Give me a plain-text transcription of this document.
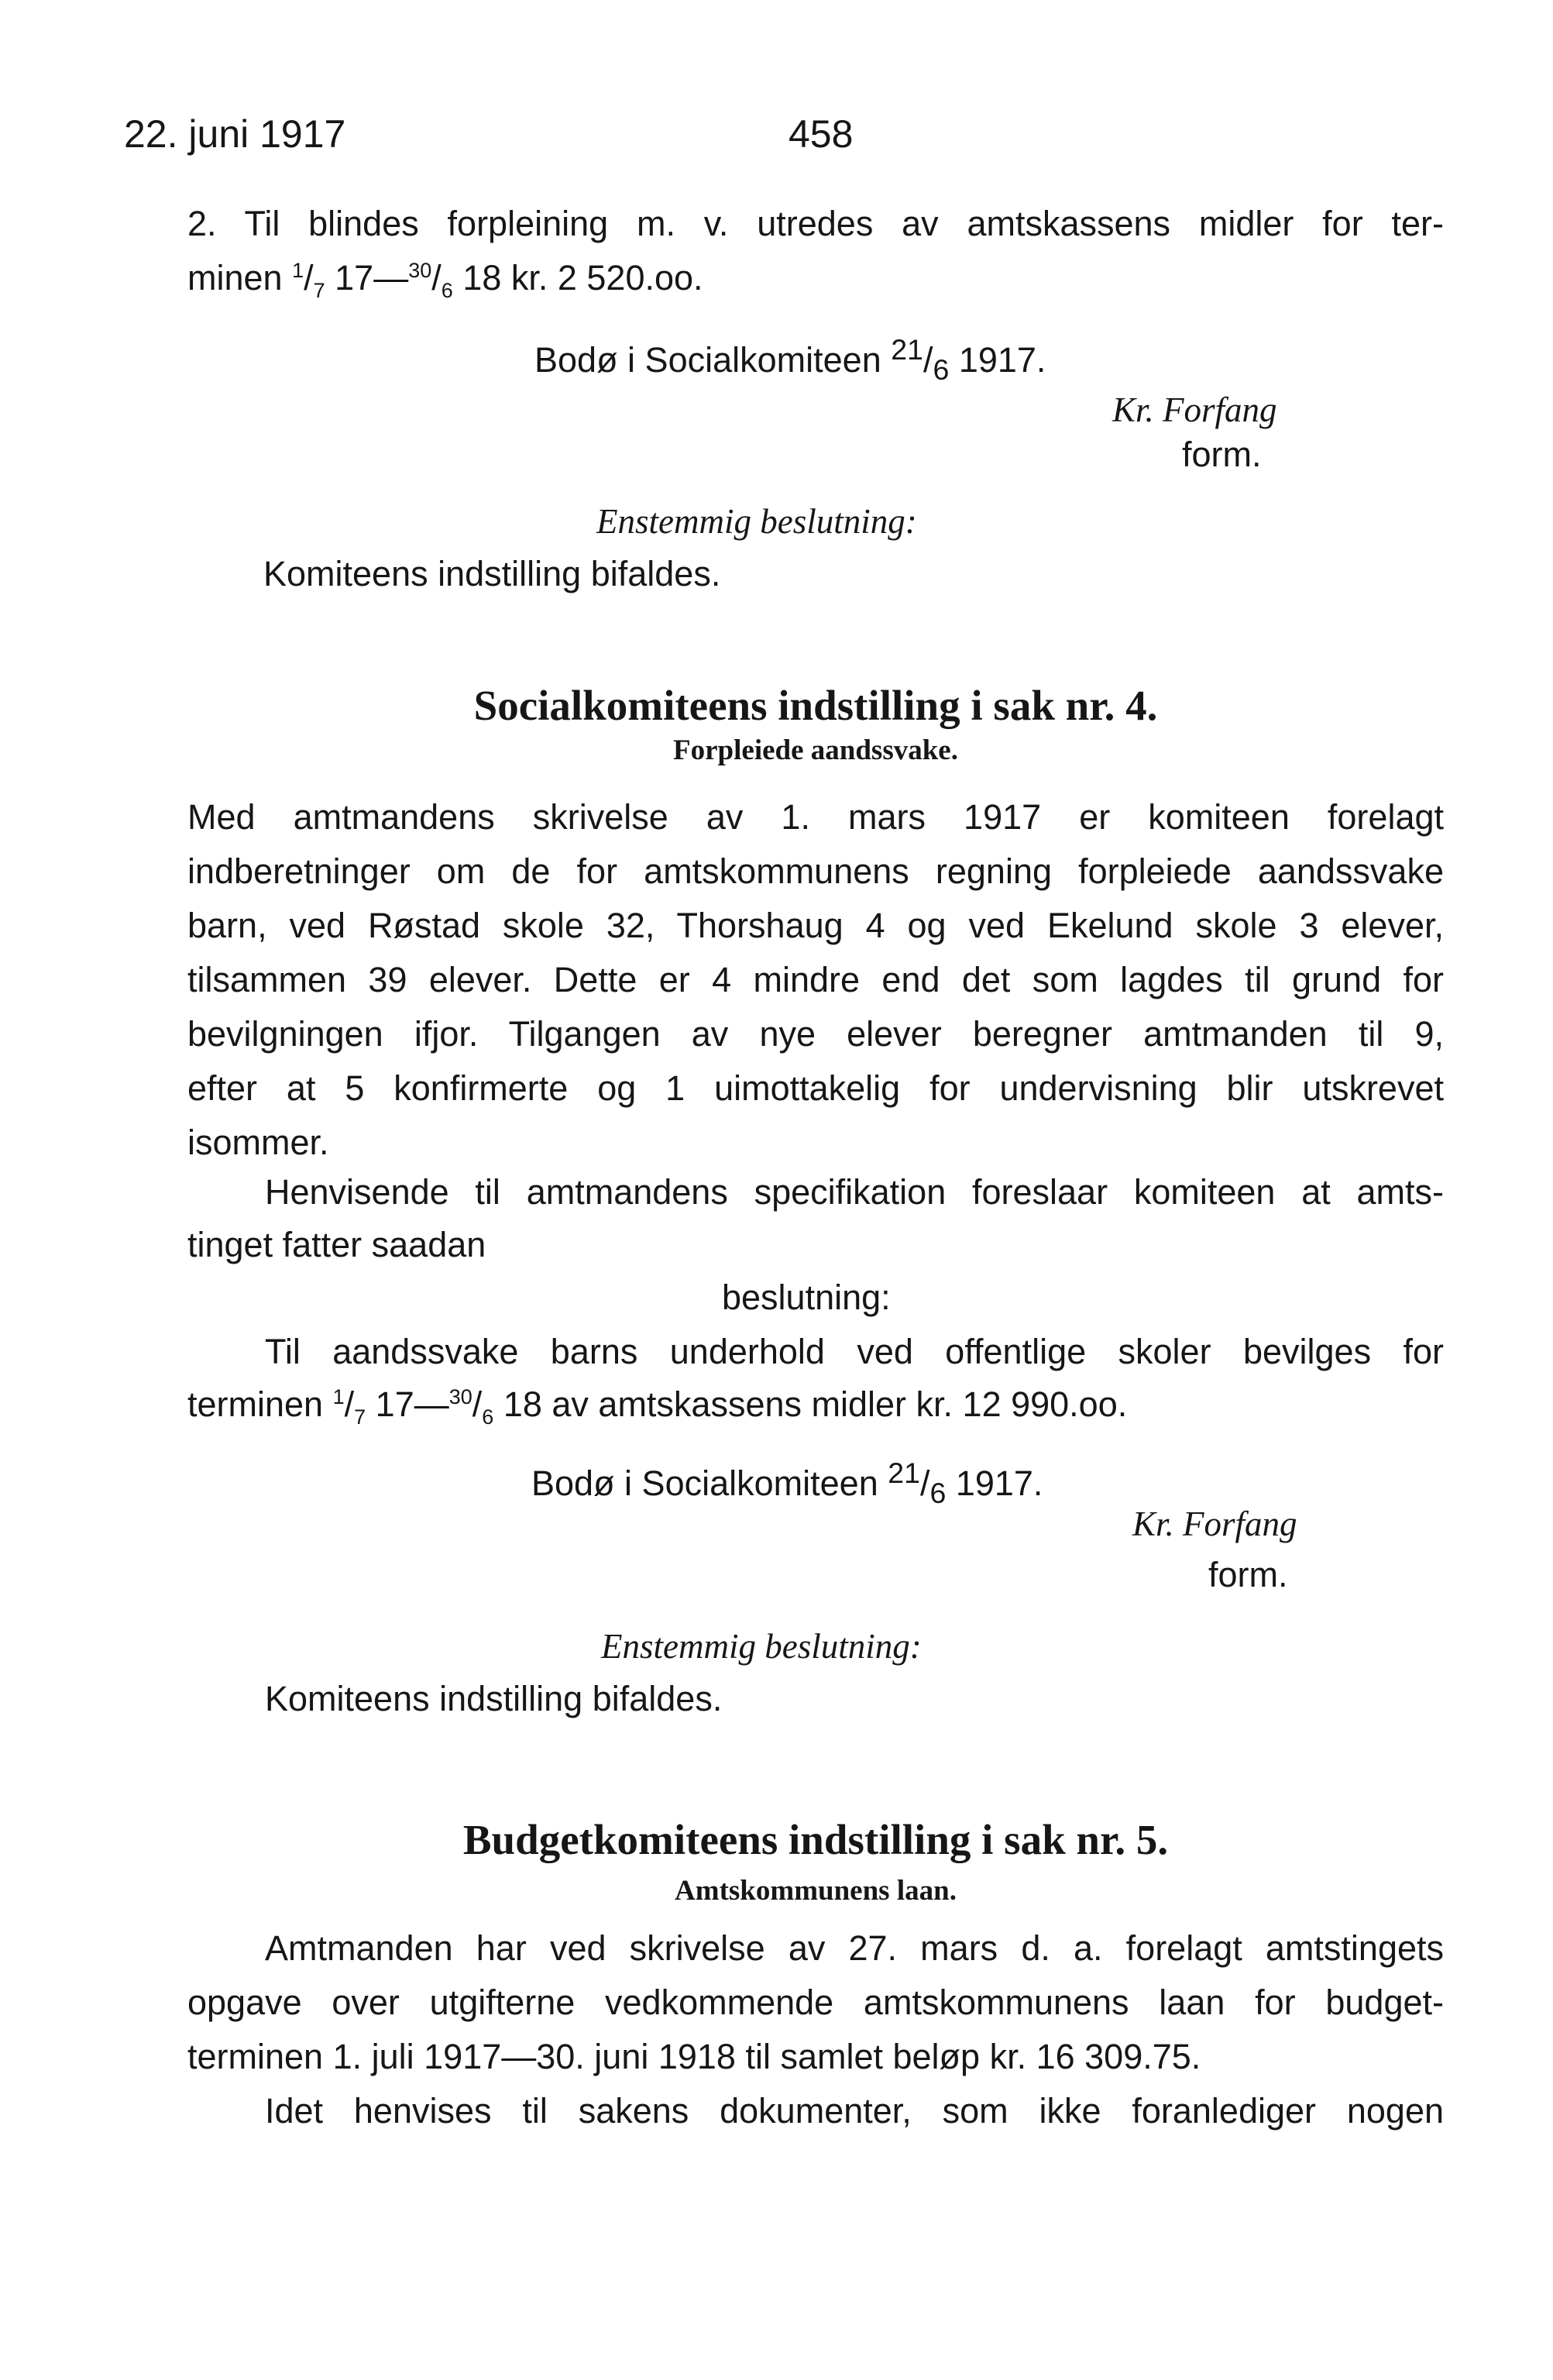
22. juni 1917	458
2. Til blindes forpleining m. v. utredes av amtskassens midler for ter-
minen $^1/_7$ $17—^{30}/_6$ 18 kr. 2 520.oo.
Bodø i Socialkomiteen $^{21}/_6$ 1917.
Kr. Forfang
form.
Enstemmig beslutning:
Komiteens indstilling bifaldes.
Socialkomiteens indstilling i sak nr. 4.
Forpleiede aandssvake.
Med amtmandens skrivelse av 1. mars 1917 er komiteen forelagt
indberetninger om de for amtskommunens regning forpleiede aandssvake
barn, ved Røstad skole 32, Thorshaug 4 og ved Ekelund skole 3 elever,
tilsammen 39 elever. Dette er 4 mindre end det som lagdes til grund for
bevilgningen ifjor. Tilgangen av nye elever beregner amtmanden til 9,
efter at 5 konfirmerte og 1 uimottakelig for undervisning blir utskrevet
isommer.
Henvisende til amtmandens specifikation foreslaar komiteen at amts-
tinget fatter saadan
beslutning:
Til aandssvake barns underhold ved offentlige skoler bevilges for
terminen $^1/_7$ $17—^{30}/_6$ 18 av amtskassens midler kr. 12 990.oo.
Bodø i Socialkomiteen $^{21}/_6$ 1917.
Kr. Forfang
form.
Enstemmig beslutning:
Komiteens indstilling bifaldes.
Budgetkomiteens indstilling i sak nr. 5.
Amtskommunens laan.
Amtmanden har ved skrivelse av 27. mars d. a. forelagt amtstingets
opgave over utgifterne vedkommende amtskommunens laan for budget-
terminen 1. juli 1917—30. juni 1918 til samlet beløp kr. 16 309.75.
Idet henvises til sakens dokumenter, som ikke foranlediger nogen
